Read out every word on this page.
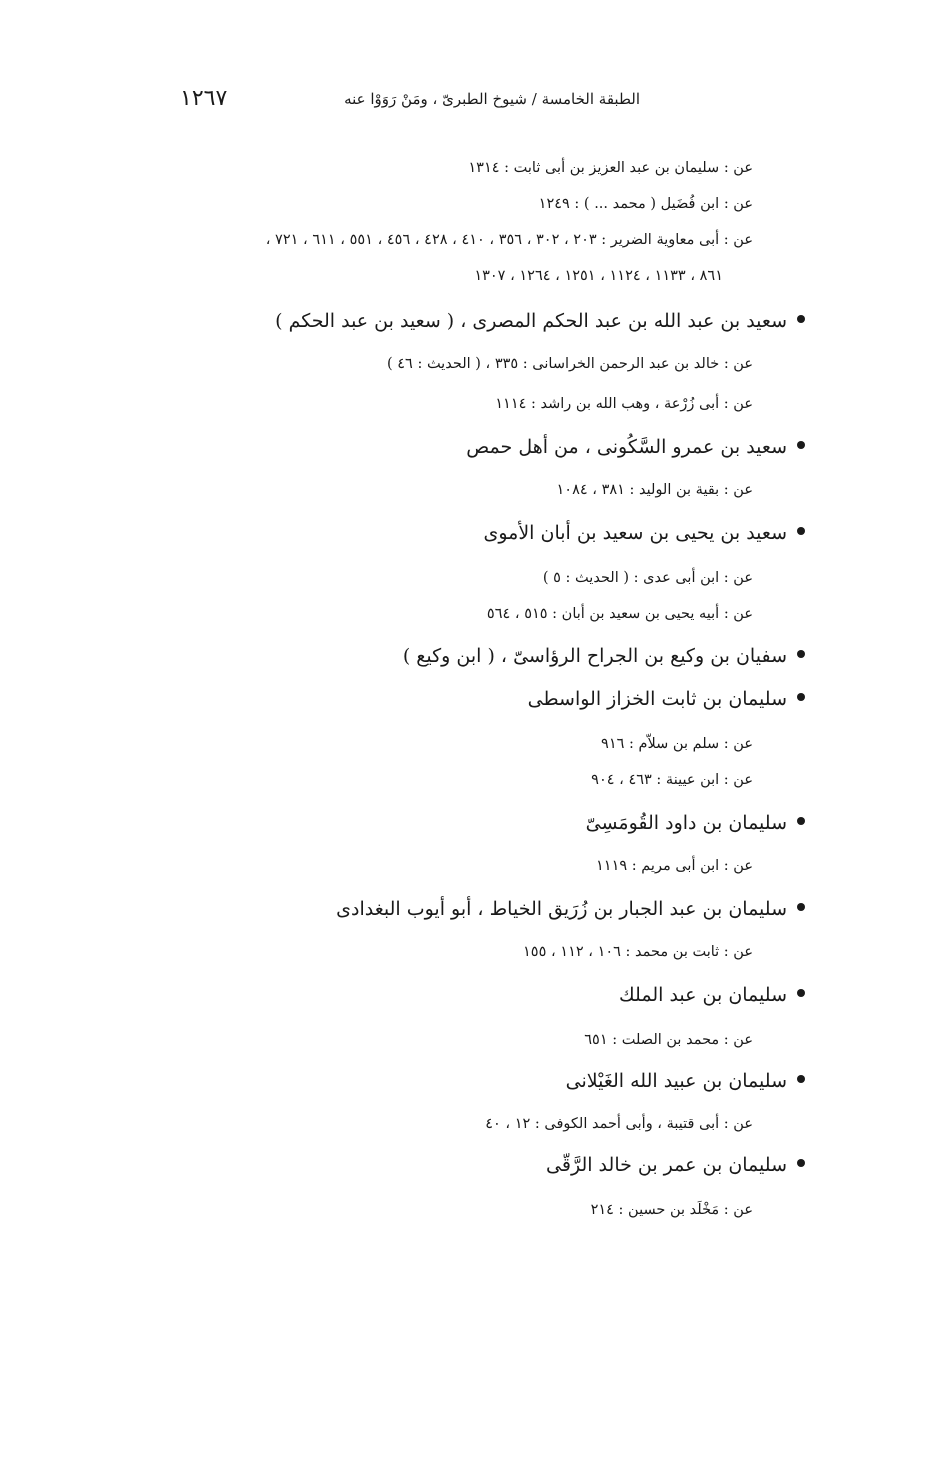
١٢٦٧	الطبقة الخامسة / شيوخ الطبرىّ ، ومَنْ رَوَوْا عنه
عن : سليمان بن عبد العزيز بن أبى ثابت : ١٣١٤
عن : ابن فُضَيل ( محمد ... ) : ١٢٤٩
عن : أبى معاوية الضرير : ٢٠٣ ، ٣٠٢ ، ٣٥٦ ، ٤١٠ ، ٤٢٨ ، ٤٥٦ ، ٥٥١ ، ٦١١ ، ٧٢١ ،
٨٦١ ، ١١٣٣ ، ١١٢٤ ، ١٢٥١ ، ١٢٦٤ ، ١٣٠٧
سعيد بن عبد الله بن عبد الحكم المصرى ، ( سعيد بن عبد الحكم )
عن : خالد بن عبد الرحمن الخراسانى : ٣٣٥ ، ( الحديث : ٤٦ )
عن : أبى زُرْعة ، وهب الله بن راشد : ١١١٤
سعيد بن عمرو السَّكُونى ، من أهل حمص
عن : بقية بن الوليد : ٣٨١ ، ١٠٨٤
سعيد بن يحيى بن سعيد بن أبان الأموى
عن : ابن أبى عدى : ( الحديث : ٥ )
عن : أبيه يحيى بن سعيد بن أبان : ٥١٥ ، ٥٦٤
سفيان بن وكيع بن الجراح الرؤاسىّ ، ( ابن وكيع )
سليمان بن ثابت الخزاز الواسطى
عن : سلم بن سلاّم : ٩١٦
عن : ابن عيينة : ٤٦٣ ، ٩٠٤
سليمان بن داود القُومَسِىّ
عن : ابن أبى مريم : ١١١٩
سليمان بن عبد الجبار بن زُرَيق الخياط ، أبو أيوب البغدادى
عن : ثابت بن محمد : ١٠٦ ، ١١٢ ، ١٥٥
سليمان بن عبد الملك
عن : محمد بن الصلت : ٦٥١
سليمان بن عبيد الله الغَيْلانى
عن : أبى قتيبة ، وأبى أحمد الكوفى : ١٢ ، ٤٠
سليمان بن عمر بن خالد الرَّقّى
عن : مَخْلَد بن حسين : ٢١٤
